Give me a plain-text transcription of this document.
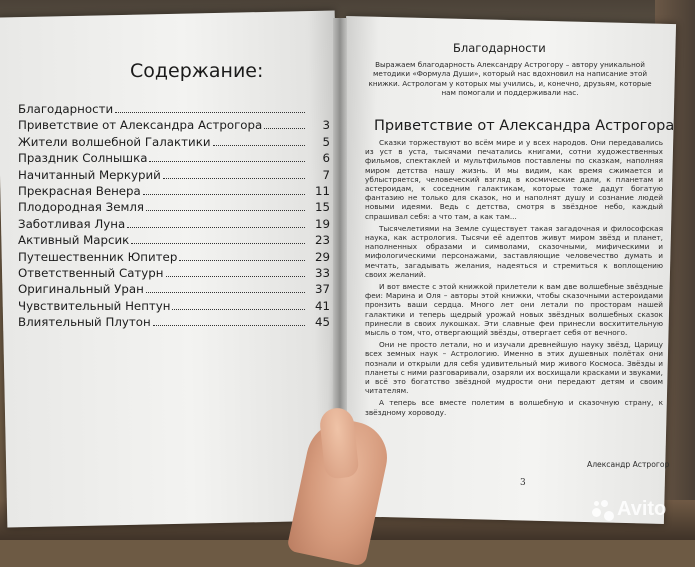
Содержание:
Благодарности
Приветствие от Александра Астрогора	3
Жители волшебной Галактики	5
Праздник Солнышка	6
Начитанный Меркурий	7
Прекрасная Венера	11
Плодородная Земля	15
Заботливая Луна	19
Активный Марсик	23
Путешественник Юпитер	29
Ответственный Сатурн	33
Оригинальный Уран	37
Чувствительный Нептун	41
Влиятельный Плутон	45
Благодарности
Выражаем благодарность Александру Астрогору – автору уникальной методики «Формула Души», который нас вдохновил на написание этой книжки. Астрологам у которых мы учились, и, конечно, друзьям, которые нам помогали и поддерживали нас.
Приветствие от Александра Астрогора

Сказки торжествуют во всём мире и у всех народов. Они передавались из уст в уста, тысячами печатались книгами, сотни художественных фильмов, спектаклей и мультфильмов поставлены по сказкам, наполняя миром детства нашу жизнь. И мы видим, как время сжимается и ублыстряется, человеческий взгляд в космические дали, к планетам и астероидам, к соседним галактикам, которые тоже дадут богатую фантазию не только для сказок, но и наполнят душу и сознание людей новыми идеями. Ведь с детства, смотря в звёздное небо, каждый спрашивал себя: а что там, а как там...

Тысячелетиями на Земле существует такая загадочная и философская наука, как астрология. Тысячи её адептов живут миром звёзд и планет, наполненных образами и символами, сказочными, мифическими и мифологическими персонажами, заставляющие человечество думать и мечтать, загадывать желания, надеяться и стремиться к воплощению своих желаний.

И вот вместе с этой книжкой прилетели к вам две волшебные звёздные феи: Марина и Оля – авторы этой книжки, чтобы сказочными астероидами пронзить ваши сердца. Много лет они летали по просторам нашей галактики и теперь щедрый урожай новых звёздных волшебных сказок принесли в своих лукошках. Эти славные феи принесли восхитительную мысль о том, что, отвергающий звёзды, отвергает себя от вечного.

Они не просто летали, но и изучали древнейшую науку звёзд, Царицу всех земных наук – Астрологию. Именно в этих душевных полётах они познали и открыли для себя удивительный мир живого Космоса. Звёзды и планеты с ними разговаривали, озаряли их восхищали красками и звуками, и всё это богатство звёздной мудрости они передают детям и своим читателям.

А теперь все вместе полетим в волшебную и сказочную страну, к звёздному хороводу.

Александр Астрогор
3
Avito
